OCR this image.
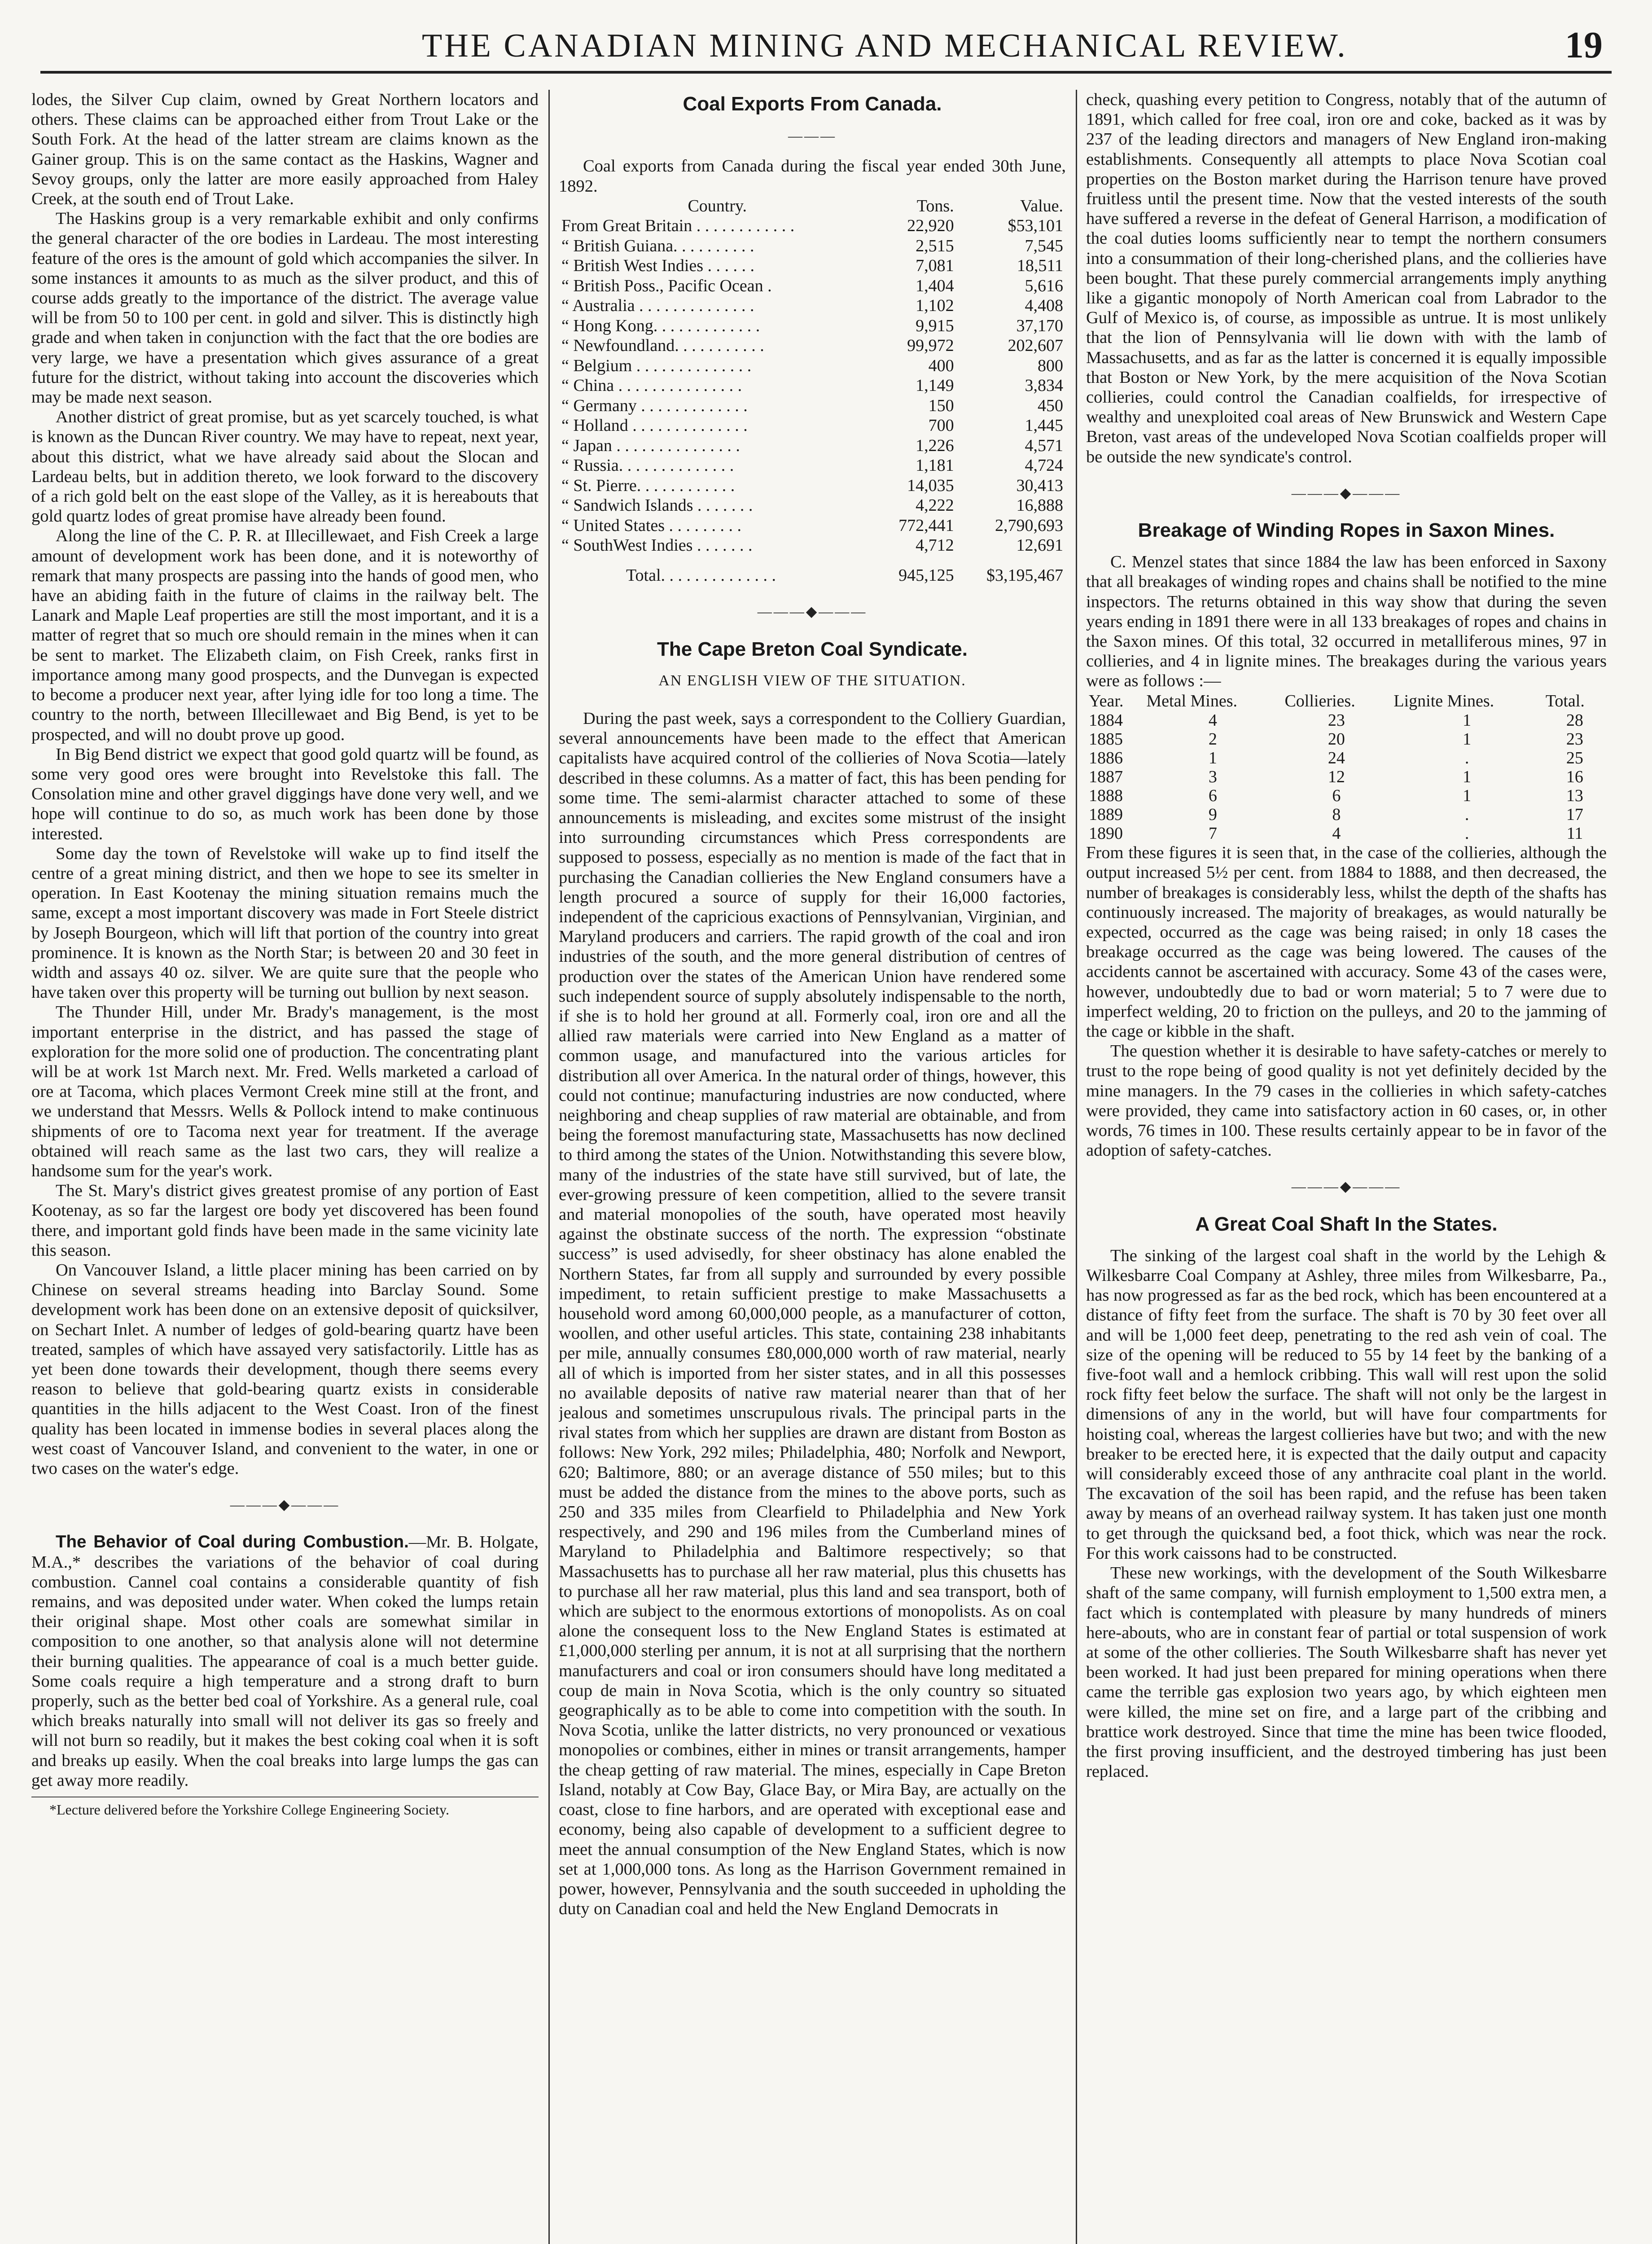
THE CANADIAN MINING AND MECHANICAL REVIEW.	19

lodes, the Silver Cup claim, owned by Great Northern locators and others. These claims can be approached either from Trout Lake or the South Fork. At the head of the latter stream are claims known as the Gainer group. This is on the same contact as the Haskins, Wagner and Sevoy groups, only the latter are more easily approached from Haley Creek, at the south end of Trout Lake.

The Haskins group is a very remarkable exhibit and only confirms the general character of the ore bodies in Lardeau. The most interesting feature of the ores is the amount of gold which accompanies the silver. In some instances it amounts to as much as the silver product, and this of course adds greatly to the importance of the district. The average value will be from 50 to 100 per cent. in gold and silver. This is distinctly high grade and when taken in conjunction with the fact that the ore bodies are very large, we have a presentation which gives assurance of a great future for the district, without taking into account the discoveries which may be made next season.

Another district of great promise, but as yet scarcely touched, is what is known as the Duncan River country. We may have to repeat, next year, about this district, what we have already said about the Slocan and Lardeau belts, but in addition thereto, we look forward to the discovery of a rich gold belt on the east slope of the Valley, as it is hereabouts that gold quartz lodes of great promise have already been found.

Along the line of the C. P. R. at Illecillewaet, and Fish Creek a large amount of development work has been done, and it is noteworthy of remark that many prospects are passing into the hands of good men, who have an abiding faith in the future of claims in the railway belt. The Lanark and Maple Leaf properties are still the most important, and it is a matter of regret that so much ore should remain in the mines when it can be sent to market. The Elizabeth claim, on Fish Creek, ranks first in importance among many good prospects, and the Dunvegan is expected to become a producer next year, after lying idle for too long a time. The country to the north, between Illecillewaet and Big Bend, is yet to be prospected, and will no doubt prove up good.

In Big Bend district we expect that good gold quartz will be found, as some very good ores were brought into Revelstoke this fall. The Consolation mine and other gravel diggings have done very well, and we hope will continue to do so, as much work has been done by those interested.

Some day the town of Revelstoke will wake up to find itself the centre of a great mining district, and then we hope to see its smelter in operation. In East Kootenay the mining situation remains much the same, except a most important discovery was made in Fort Steele district by Joseph Bourgeon, which will lift that portion of the country into great prominence. It is known as the North Star; is between 20 and 30 feet in width and assays 40 oz. silver. We are quite sure that the people who have taken over this property will be turning out bullion by next season.

The Thunder Hill, under Mr. Brady's management, is the most important enterprise in the district, and has passed the stage of exploration for the more solid one of production. The concentrating plant will be at work 1st March next. Mr. Fred. Wells marketed a carload of ore at Tacoma, which places Vermont Creek mine still at the front, and we understand that Messrs. Wells & Pollock intend to make continuous shipments of ore to Tacoma next year for treatment. If the average obtained will reach same as the last two cars, they will realize a handsome sum for the year's work.

The St. Mary's district gives greatest promise of any portion of East Kootenay, as so far the largest ore body yet discovered has been found there, and important gold finds have been made in the same vicinity late this season.

On Vancouver Island, a little placer mining has been carried on by Chinese on several streams heading into Barclay Sound. Some development work has been done on an extensive deposit of quicksilver, on Sechart Inlet. A number of ledges of gold-bearing quartz have been treated, samples of which have assayed very satisfactorily. Little has as yet been done towards their development, though there seems every reason to believe that gold-bearing quartz exists in considerable quantities in the hills adjacent to the West Coast. Iron of the finest quality has been located in immense bodies in several places along the west coast of Vancouver Island, and convenient to the water, in one or two cases on the water's edge.

———◆———

The Behavior of Coal during Combustion.—Mr. B. Holgate, M.A.,* describes the variations of the behavior of coal during combustion. Cannel coal contains a considerable quantity of fish remains, and was deposited under water. When coked the lumps retain their original shape. Most other coals are somewhat similar in composition to one another, so that analysis alone will not determine their burning qualities. The appearance of coal is a much better guide. Some coals require a high temperature and a strong draft to burn properly, such as the better bed coal of Yorkshire. As a general rule, coal which breaks naturally into small will not deliver its gas so freely and will not burn so readily, but it makes the best coking coal when it is soft and breaks up easily. When the coal breaks into large lumps the gas can get away more readily.

*Lecture delivered before the Yorkshire College Engineering Society.
Coal Exports From Canada.
———

Coal exports from Canada during the fiscal year ended 30th June, 1892.

Country.	Tons.	Value.
From Great Britain . . . . . . . . . . . .	22,920	$53,101
“ British Guiana. . . . . . . . . .	2,515	7,545
“ British West Indies . . . . . .	7,081	18,511
“ British Poss., Pacific Ocean .	1,404	5,616
“ Australia . . . . . . . . . . . . . .	1,102	4,408
“ Hong Kong. . . . . . . . . . . . .	9,915	37,170
“ Newfoundland. . . . . . . . . . .	99,972	202,607
“ Belgium . . . . . . . . . . . . . .	400	800
“ China . . . . . . . . . . . . . . .	1,149	3,834
“ Germany . . . . . . . . . . . . .	150	450
“ Holland . . . . . . . . . . . . . .	700	1,445
“ Japan . . . . . . . . . . . . . . .	1,226	4,571
“ Russia. . . . . . . . . . . . . .	1,181	4,724
“ St. Pierre. . . . . . . . . . . .	14,035	30,413
“ Sandwich Islands . . . . . . .	4,222	16,888
“ United States . . . . . . . . .	772,441	2,790,693
“ SouthWest Indies . . . . . . .	4,712	12,691
Total. . . . . . . . . . . . . .	945,125	$3,195,467
———◆———
The Cape Breton Coal Syndicate.
AN ENGLISH VIEW OF THE SITUATION.

During the past week, says a correspondent to the Colliery Guardian, several announcements have been made to the effect that American capitalists have acquired control of the collieries of Nova Scotia—lately described in these columns. As a matter of fact, this has been pending for some time. The semi-alarmist character attached to some of these announcements is misleading, and excites some mistrust of the insight into surrounding circumstances which Press correspondents are supposed to possess, especially as no mention is made of the fact that in purchasing the Canadian collieries the New England consumers have a length procured a source of supply for their 16,000 factories, independent of the capricious exactions of Pennsylvanian, Virginian, and Maryland producers and carriers. The rapid growth of the coal and iron industries of the south, and the more general distribution of centres of production over the states of the American Union have rendered some such independent source of supply absolutely indispensable to the north, if she is to hold her ground at all. Formerly coal, iron ore and all the allied raw materials were carried into New England as a matter of common usage, and manufactured into the various articles for distribution all over America. In the natural order of things, however, this could not continue; manufacturing industries are now conducted, where neighboring and cheap supplies of raw material are obtainable, and from being the foremost manufacturing state, Massachusetts has now declined to third among the states of the Union. Notwithstanding this severe blow, many of the industries of the state have still survived, but of late, the ever-growing pressure of keen competition, allied to the severe transit and material monopolies of the south, have operated most heavily against the obstinate success of the north. The expression “obstinate success” is used advisedly, for sheer obstinacy has alone enabled the Northern States, far from all supply and surrounded by every possible impediment, to retain sufficient prestige to make Massachusetts a household word among 60,000,000 people, as a manufacturer of cotton, woollen, and other useful articles. This state, containing 238 inhabitants per mile, annually consumes £80,000,000 worth of raw material, nearly all of which is imported from her sister states, and in all this possesses no available deposits of native raw material nearer than that of her jealous and sometimes unscrupulous rivals. The principal parts in the rival states from which her supplies are drawn are distant from Boston as follows: New York, 292 miles; Philadelphia, 480; Norfolk and Newport, 620; Baltimore, 880; or an average distance of 550 miles; but to this must be added the distance from the mines to the above ports, such as 250 and 335 miles from Clearfield to Philadelphia and New York respectively, and 290 and 196 miles from the Cumberland mines of Maryland to Philadelphia and Baltimore respectively; so that Massachusetts has to purchase all her raw material, plus this chusetts has to purchase all her raw material, plus this land and sea transport, both of which are subject to the enormous extortions of monopolists. As on coal alone the consequent loss to the New England States is estimated at £1,000,000 sterling per annum, it is not at all surprising that the northern manufacturers and coal or iron consumers should have long meditated a coup de main in Nova Scotia, which is the only country so situated geographically as to be able to come into competition with the south. In Nova Scotia, unlike the latter districts, no very pronounced or vexatious monopolies or combines, either in mines or transit arrangements, hamper the cheap getting of raw material. The mines, especially in Cape Breton Island, notably at Cow Bay, Glace Bay, or Mira Bay, are actually on the coast, close to fine harbors, and are operated with exceptional ease and economy, being also capable of development to a sufficient degree to meet the annual consumption of the New England States, which is now set at 1,000,000 tons. As long as the Harrison Government remained in power, however, Pennsylvania and the south succeeded in upholding the duty on Canadian coal and held the New England Democrats in

check, quashing every petition to Congress, notably that of the autumn of 1891, which called for free coal, iron ore and coke, backed as it was by 237 of the leading directors and managers of New England iron-making establishments. Consequently all attempts to place Nova Scotian coal properties on the Boston market during the Harrison tenure have proved fruitless until the present time. Now that the vested interests of the south have suffered a reverse in the defeat of General Harrison, a modification of the coal duties looms sufficiently near to tempt the northern consumers into a consummation of their long-cherished plans, and the collieries have been bought. That these purely commercial arrangements imply anything like a gigantic monopoly of North American coal from Labrador to the Gulf of Mexico is, of course, as impossible as untrue. It is most unlikely that the lion of Pennsylvania will lie down with with the lamb of Massachusetts, and as far as the latter is concerned it is equally impossible that Boston or New York, by the mere acquisition of the Nova Scotian collieries, could control the Canadian coalfields, for irrespective of wealthy and unexploited coal areas of New Brunswick and Western Cape Breton, vast areas of the undeveloped Nova Scotian coalfields proper will be outside the new syndicate's control.

———◆———
Breakage of Winding Ropes in Saxon Mines.

C. Menzel states that since 1884 the law has been enforced in Saxony that all breakages of winding ropes and chains shall be notified to the mine inspectors. The returns obtained in this way show that during the seven years ending in 1891 there were in all 133 breakages of ropes and chains in the Saxon mines. Of this total, 32 occurred in metalliferous mines, 97 in collieries, and 4 in lignite mines. The breakages during the various years were as follows :—

Year.	Metal Mines.	Collieries.	Lignite Mines.	Total.
1884	4	23	1	28
1885	2	20	1	23
1886	1	24	.	25
1887	3	12	1	16
1888	6	6	1	13
1889	9	8	.	17
1890	7	4	.	11

From these figures it is seen that, in the case of the collieries, although the output increased 5½ per cent. from 1884 to 1888, and then decreased, the number of breakages is considerably less, whilst the depth of the shafts has continuously increased. The majority of breakages, as would naturally be expected, occurred as the cage was being raised; in only 18 cases the breakage occurred as the cage was being lowered. The causes of the accidents cannot be ascertained with accuracy. Some 43 of the cases were, however, undoubtedly due to bad or worn material; 5 to 7 were due to imperfect welding, 20 to friction on the pulleys, and 20 to the jamming of the cage or kibble in the shaft.

The question whether it is desirable to have safety-catches or merely to trust to the rope being of good quality is not yet definitely decided by the mine managers. In the 79 cases in the collieries in which safety-catches were provided, they came into satisfactory action in 60 cases, or, in other words, 76 times in 100. These results certainly appear to be in favor of the adoption of safety-catches.

———◆———
A Great Coal Shaft In the States.

The sinking of the largest coal shaft in the world by the Lehigh & Wilkesbarre Coal Company at Ashley, three miles from Wilkesbarre, Pa., has now progressed as far as the bed rock, which has been encountered at a distance of fifty feet from the surface. The shaft is 70 by 30 feet over all and will be 1,000 feet deep, penetrating to the red ash vein of coal. The size of the opening will be reduced to 55 by 14 feet by the banking of a five-foot wall and a hemlock cribbing. This wall will rest upon the solid rock fifty feet below the surface. The shaft will not only be the largest in dimensions of any in the world, but will have four compartments for hoisting coal, whereas the largest collieries have but two; and with the new breaker to be erected here, it is expected that the daily output and capacity will considerably exceed those of any anthracite coal plant in the world. The excavation of the soil has been rapid, and the refuse has been taken away by means of an overhead railway system. It has taken just one month to get through the quicksand bed, a foot thick, which was near the rock. For this work caissons had to be constructed.

These new workings, with the development of the South Wilkesbarre shaft of the same company, will furnish employment to 1,500 extra men, a fact which is contemplated with pleasure by many hundreds of miners here-abouts, who are in constant fear of partial or total suspension of work at some of the other collieries. The South Wilkesbarre shaft has never yet been worked. It had just been prepared for mining operations when there came the terrible gas explosion two years ago, by which eighteen men were killed, the mine set on fire, and a large part of the cribbing and brattice work destroyed. Since that time the mine has been twice flooded, the first proving insufficient, and the destroyed timbering has just been replaced.
